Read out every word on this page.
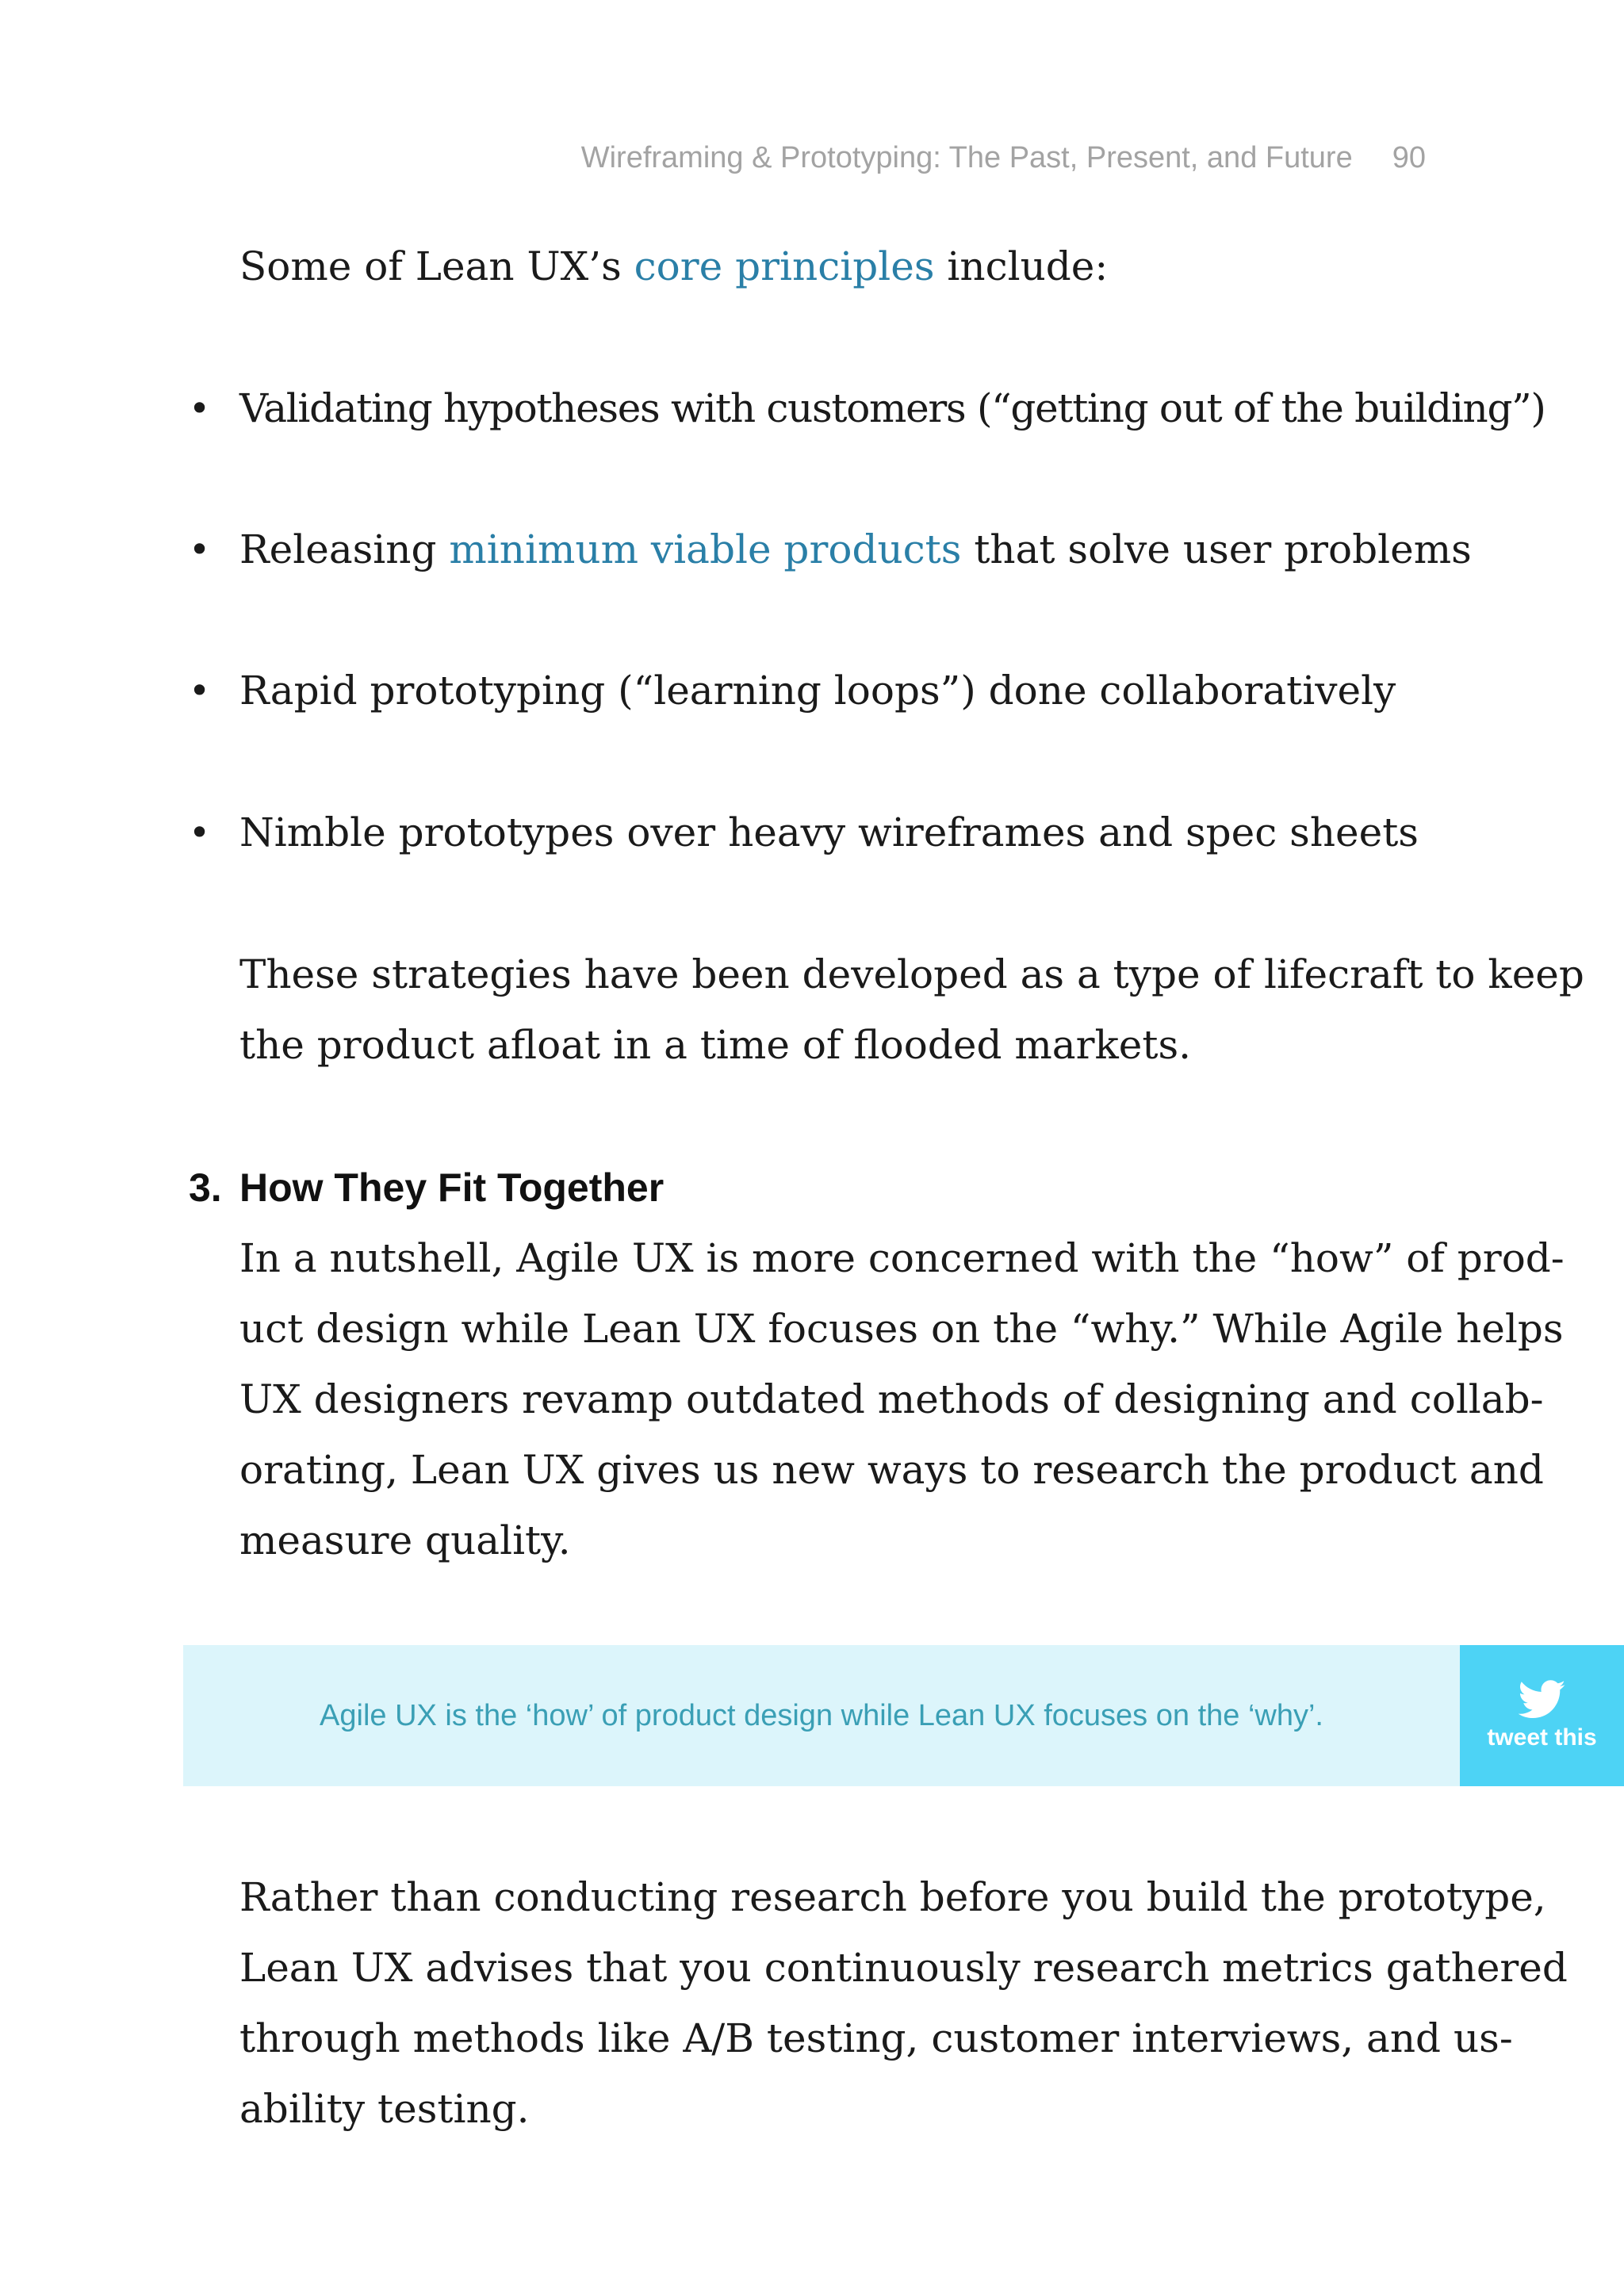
Wireframing & Prototyping: The Past, Present, and Future 90
Some of Lean UX’s core principles include:
• Validating hypotheses with customers (“getting out of the building”)
• Releasing minimum viable products that solve user problems
• Rapid prototyping (“learning loops”) done collaboratively
• Nimble prototypes over heavy wireframes and spec sheets
These strategies have been developed as a type of lifecraft to keep
the product afloat in a time of flooded markets.
3. How They Fit Together
In a nutshell, Agile UX is more concerned with the “how” of prod-
uct design while Lean UX focuses on the “why.” While Agile helps
UX designers revamp outdated methods of designing and collab-
orating, Lean UX gives us new ways to research the product and
measure quality.
Agile UX is the ‘how’ of product design while Lean UX focuses on the ‘why’.
tweet this
Rather than conducting research before you build the prototype,
Lean UX advises that you continuously research metrics gathered
through methods like A/B testing, customer interviews, and us-
ability testing.
